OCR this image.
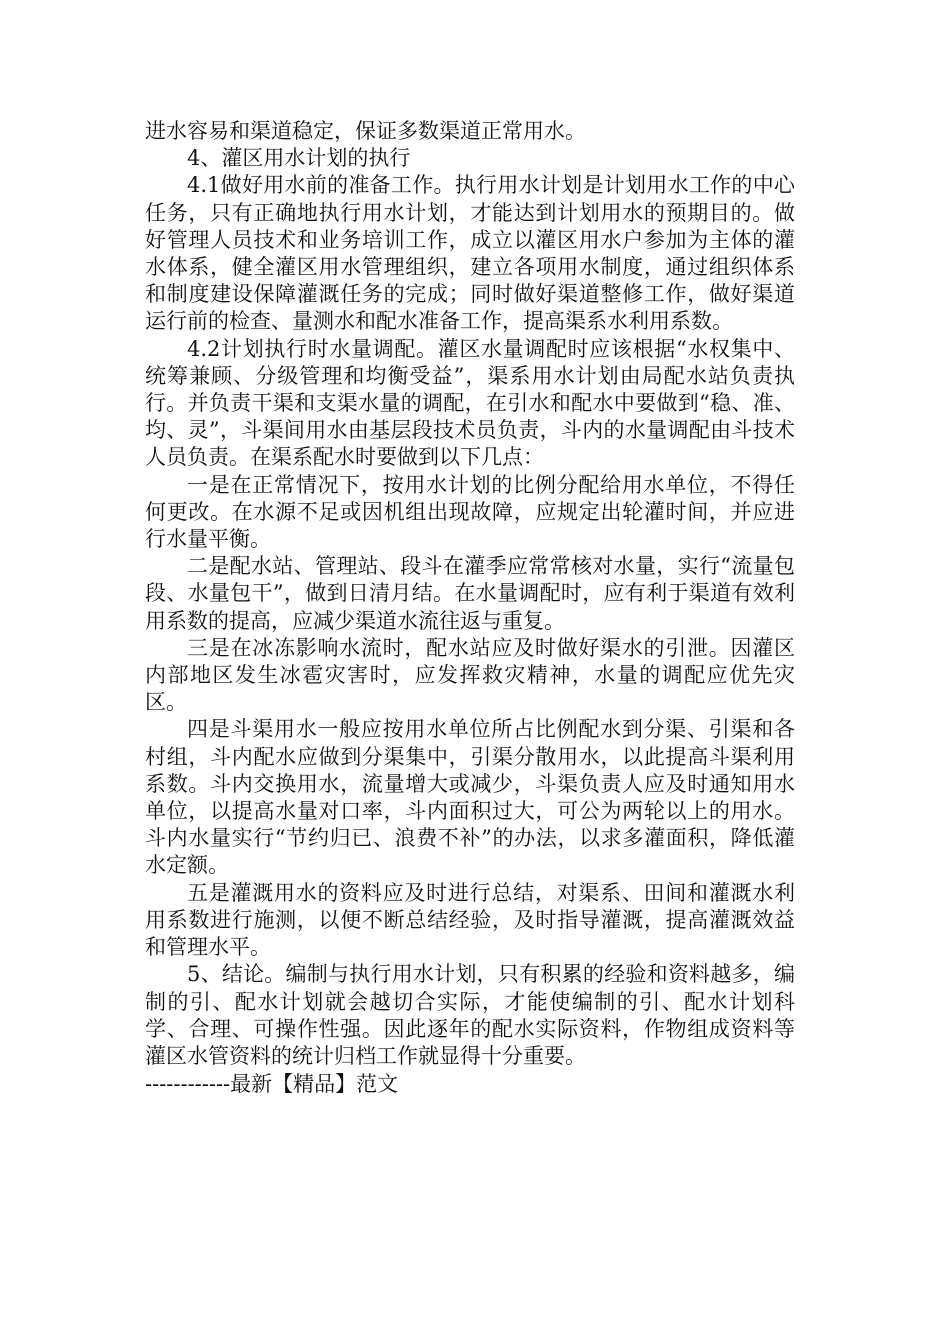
进水容易和渠道稳定，保证多数渠道正常用水。

4、灌区用水计划的执行

4.1做好用水前的准备工作。执行用水计划是计划用水工作的中心任务，只有正确地执行用水计划，才能达到计划用水的预期目的。做好管理人员技术和业务培训工作，成立以灌区用水户参加为主体的灌水体系，健全灌区用水管理组织，建立各项用水制度，通过组织体系和制度建设保障灌溉任务的完成；同时做好渠道整修工作，做好渠道运行前的检查、量测水和配水准备工作，提高渠系水利用系数。

4.2计划执行时水量调配。灌区水量调配时应该根据“水权集中、统筹兼顾、分级管理和均衡受益”，渠系用水计划由局配水站负责执行。并负责干渠和支渠水量的调配，在引水和配水中要做到“稳、准、均、灵”，斗渠间用水由基层段技术员负责，斗内的水量调配由斗技术人员负责。在渠系配水时要做到以下几点：

一是在正常情况下，按用水计划的比例分配给用水单位，不得任何更改。在水源不足或因机组出现故障，应规定出轮灌时间，并应进行水量平衡。

二是配水站、管理站、段斗在灌季应常常核对水量，实行“流量包段、水量包干”，做到日清月结。在水量调配时，应有利于渠道有效利用系数的提高，应减少渠道水流往返与重复。

三是在冰冻影响水流时，配水站应及时做好渠水的引泄。因灌区内部地区发生冰雹灾害时，应发挥救灾精神，水量的调配应优先灾区。

四是斗渠用水一般应按用水单位所占比例配水到分渠、引渠和各村组，斗内配水应做到分渠集中，引渠分散用水，以此提高斗渠利用系数。斗内交换用水，流量增大或减少，斗渠负责人应及时通知用水单位，以提高水量对口率，斗内面积过大，可公为两轮以上的用水。斗内水量实行“节约归已、浪费不补”的办法，以求多灌面积，降低灌水定额。

五是灌溉用水的资料应及时进行总结，对渠系、田间和灌溉水利用系数进行施测，以便不断总结经验，及时指导灌溉，提高灌溉效益和管理水平。

5、结论。编制与执行用水计划，只有积累的经验和资料越多，编制的引、配水计划就会越切合实际，才能使编制的引、配水计划科学、合理、可操作性强。因此逐年的配水实际资料，作物组成资料等灌区水管资料的统计归档工作就显得十分重要。

------------最新【精品】范文
